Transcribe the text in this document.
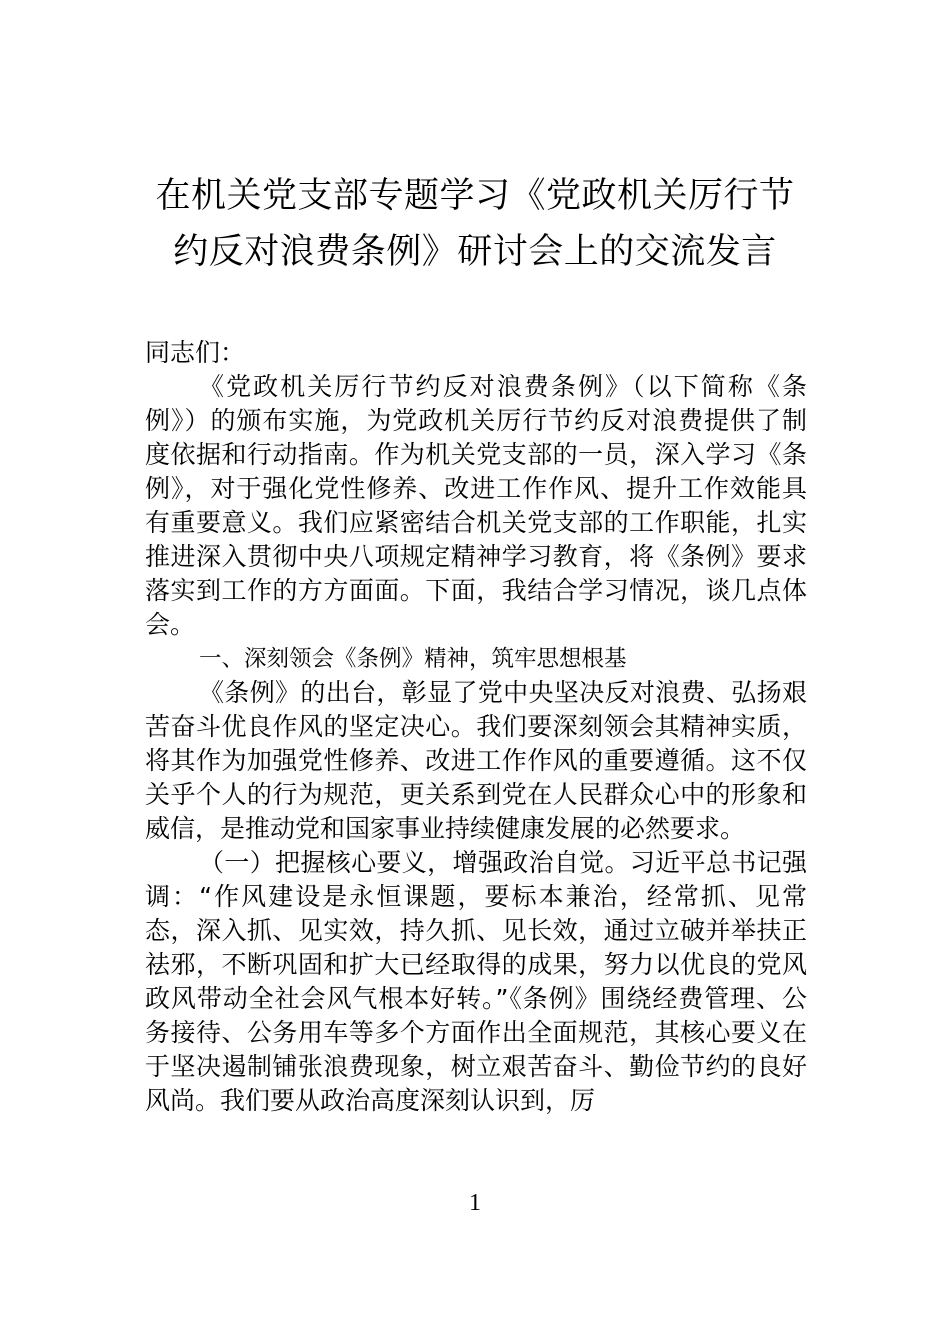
在机关党支部专题学习《党政机关厉行节
约反对浪费条例》研讨会上的交流发言

同志们：

《党政机关厉行节约反对浪费条例》（以下简称《条例》）的颁布实施，为党政机关厉行节约反对浪费提供了制度依据和行动指南。作为机关党支部的一员，深入学习《条例》，对于强化党性修养、改进工作作风、提升工作效能具有重要意义。我们应紧密结合机关党支部的工作职能，扎实推进深入贯彻中央八项规定精神学习教育，将《条例》要求落实到工作的方方面面。下面，我结合学习情况，谈几点体会。

一、深刻领会《条例》精神，筑牢思想根基

《条例》的出台，彰显了党中央坚决反对浪费、弘扬艰苦奋斗优良作风的坚定决心。我们要深刻领会其精神实质，将其作为加强党性修养、改进工作作风的重要遵循。这不仅关乎个人的行为规范，更关系到党在人民群众心中的形象和威信，是推动党和国家事业持续健康发展的必然要求。

（一）把握核心要义，增强政治自觉。习近平总书记强调：“作风建设是永恒课题，要标本兼治，经常抓、见常态，深入抓、见实效，持久抓、见长效，通过立破并举扶正祛邪，不断巩固和扩大已经取得的成果，努力以优良的党风政风带动全社会风气根本好转。”《条例》围绕经费管理、公务接待、公务用车等多个方面作出全面规范，其核心要义在于坚决遏制铺张浪费现象，树立艰苦奋斗、勤俭节约的良好风尚。我们要从政治高度深刻认识到，厉

1
